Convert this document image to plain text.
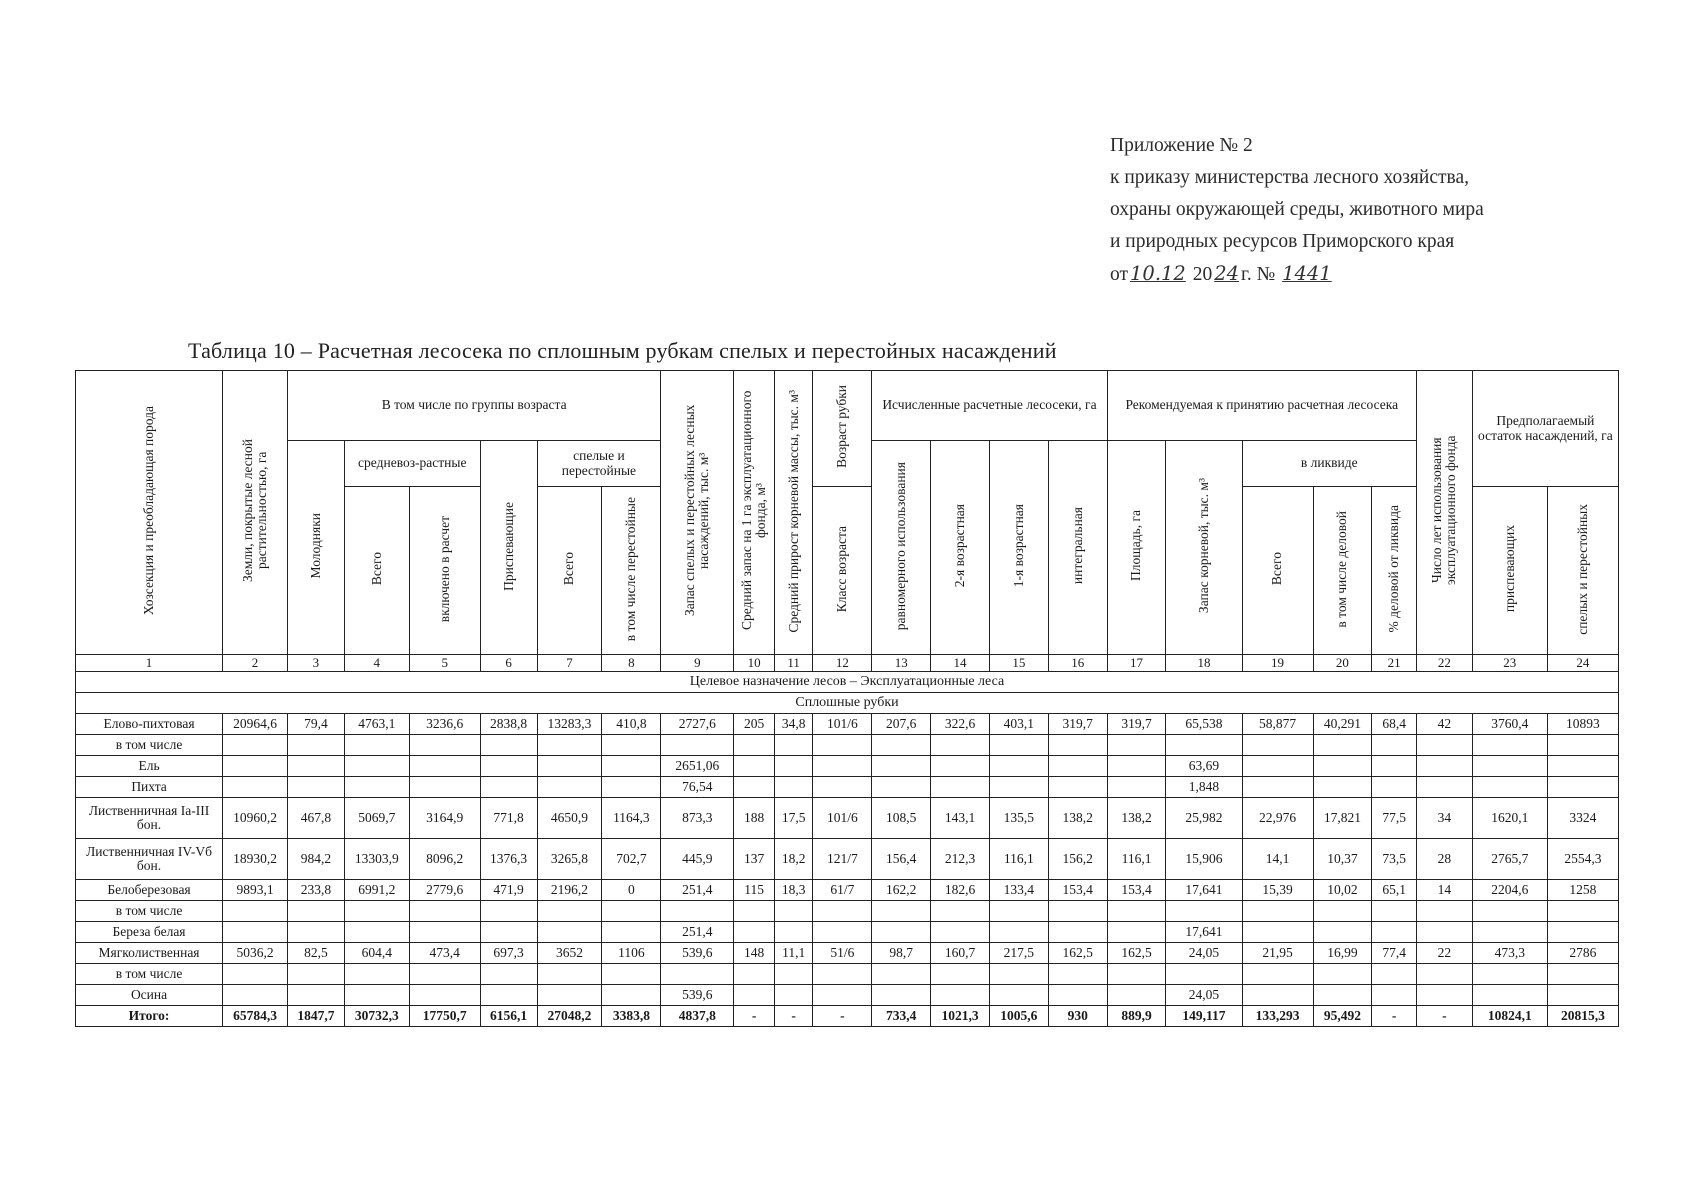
Приложение № 2
к приказу министерства лесного хозяйства,
охраны окружающей среды, животного мира
и природных ресурсов Приморского края
от 10.12 20 24 г. № 1441
Таблица 10 – Расчетная лесосека по сплошным рубкам спелых и перестойных насаждений
Хозсекция и преобладающая порода	Земли, покрытые лесной растительностью, га	В том числе по группы возраста						Запас спелых и перестойных лесных насаждений, тыс. м³	Средний запас на 1 га эксплуатационного фонда, м³	Средний прирост корневой массы, тыс. м³	Возраст рубки	Исчисленные расчетные лесосеки, га				Рекомендуемая к принятию расчетная лесосека					Число лет использования эксплуатационного фонда	Предполагаемый остаток насаждений, га	
		Молодняки	средневоз-растные		Приспевающие	спелые и перестойные						равномерного использования	2-я возрастная	1-я возрастная	интегральная	Площадь, га	Запас корневой, тыс. м³	в ликвиде					
			Всего	включено в расчет		Всего	в том числе перестойные				Класс возраста							Всего	в том числе деловой	% деловой от ликвида		приспевающих	спелых и перестойных
1	2	3	4	5	6	7	8	9	10	11	12	13	14	15	16	17	18	19	20	21	22	23	24
Целевое назначение лесов – Эксплуатационные леса																							
Сплошные рубки																							
Елово-пихтовая	20964,6	79,4	4763,1	3236,6	2838,8	13283,3	410,8	2727,6	205	34,8	101/6	207,6	322,6	403,1	319,7	319,7	65,538	58,877	40,291	68,4	42	3760,4	10893
в том числе																							
Ель								2651,06									63,69						
Пихта								76,54									1,848						
Лиственничная Ia-III бон.	10960,2	467,8	5069,7	3164,9	771,8	4650,9	1164,3	873,3	188	17,5	101/6	108,5	143,1	135,5	138,2	138,2	25,982	22,976	17,821	77,5	34	1620,1	3324
Лиственничная IV-Vб бон.	18930,2	984,2	13303,9	8096,2	1376,3	3265,8	702,7	445,9	137	18,2	121/7	156,4	212,3	116,1	156,2	116,1	15,906	14,1	10,37	73,5	28	2765,7	2554,3
Белоберезовая	9893,1	233,8	6991,2	2779,6	471,9	2196,2	0	251,4	115	18,3	61/7	162,2	182,6	133,4	153,4	153,4	17,641	15,39	10,02	65,1	14	2204,6	1258
в том числе																							
Береза белая								251,4									17,641						
Мягколиственная	5036,2	82,5	604,4	473,4	697,3	3652	1106	539,6	148	11,1	51/6	98,7	160,7	217,5	162,5	162,5	24,05	21,95	16,99	77,4	22	473,3	2786
в том числе																							
Осина								539,6									24,05						
Итого:	65784,3	1847,7	30732,3	17750,7	6156,1	27048,2	3383,8	4837,8	-	-	-	733,4	1021,3	1005,6	930	889,9	149,117	133,293	95,492	-	-	10824,1	20815,3
